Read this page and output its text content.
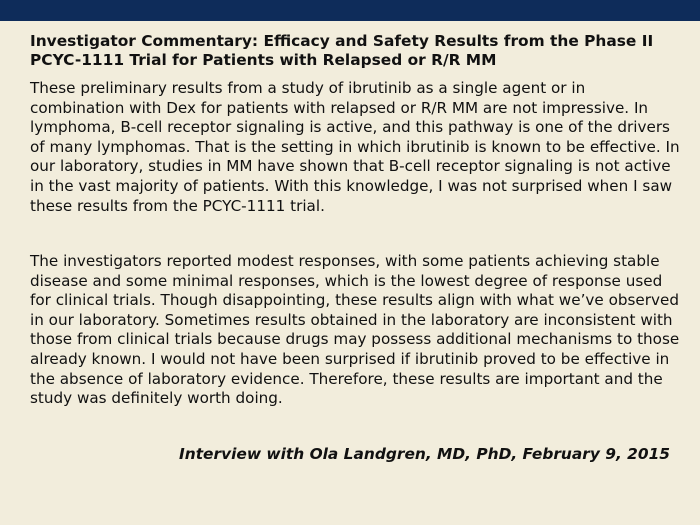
Investigator Commentary: Efficacy and Safety Results from the Phase II PCYC-1111 Trial for Patients with Relapsed or R/R MM

These preliminary results from a study of ibrutinib as a single agent or in combination with Dex for patients with relapsed or R/R MM are not impressive. In lymphoma, B-cell receptor signaling is active, and this pathway is one of the drivers of many lymphomas. That is the setting in which ibrutinib is known to be effective. In our laboratory, studies in MM have shown that B-cell receptor signaling is not active in the vast majority of patients. With this knowledge, I was not surprised when I saw these results from the PCYC-1111 trial.

The investigators reported modest responses, with some patients achieving stable disease and some minimal responses, which is the lowest degree of response used for clinical trials. Though disappointing, these results align with what we’ve observed in our laboratory. Sometimes results obtained in the laboratory are inconsistent with those from clinical trials because drugs may possess additional mechanisms to those already known. I would not have been surprised if ibrutinib proved to be effective in the absence of laboratory evidence. Therefore, these results are important and the study was definitely worth doing.

Interview with Ola Landgren, MD, PhD, February 9, 2015
